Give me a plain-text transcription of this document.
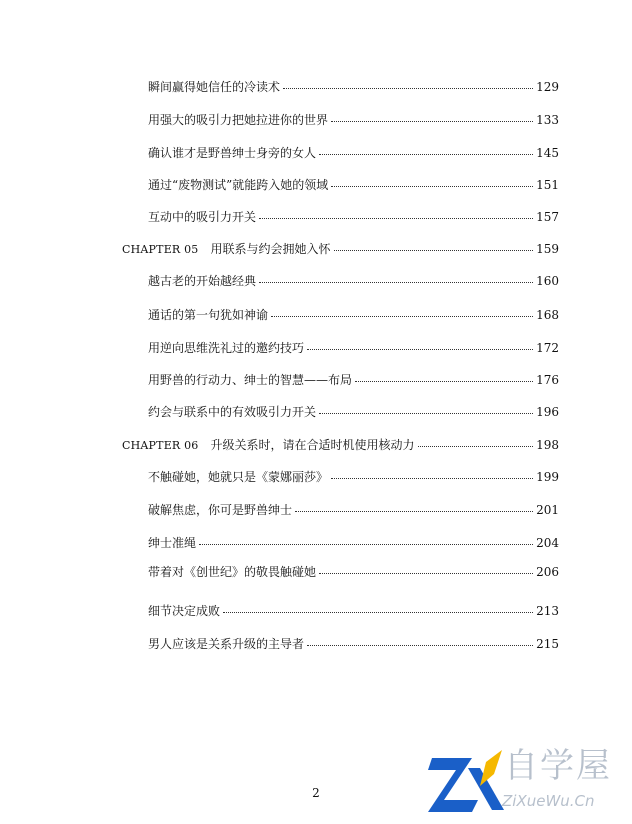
瞬间赢得她信任的冷读术	129
用强大的吸引力把她拉进你的世界	133
确认谁才是野兽绅士身旁的女人	145
通过“废物测试”就能跨入她的领域	151
互动中的吸引力开关	157
CHAPTER 05 用联系与约会拥她入怀	159
越古老的开始越经典	160
通话的第一句犹如神谕	168
用逆向思维洗礼过的邀约技巧	172
用野兽的行动力、绅士的智慧——布局	176
约会与联系中的有效吸引力开关	196
CHAPTER 06 升级关系时，请在合适时机使用核动力	198
不触碰她，她就只是《蒙娜丽莎》	199
破解焦虑，你可是野兽绅士	201
绅士准绳	204
带着对《创世纪》的敬畏触碰她	206
细节决定成败	213
男人应该是关系升级的主导者	215
2
自学屋
ZiXueWu.Cn
